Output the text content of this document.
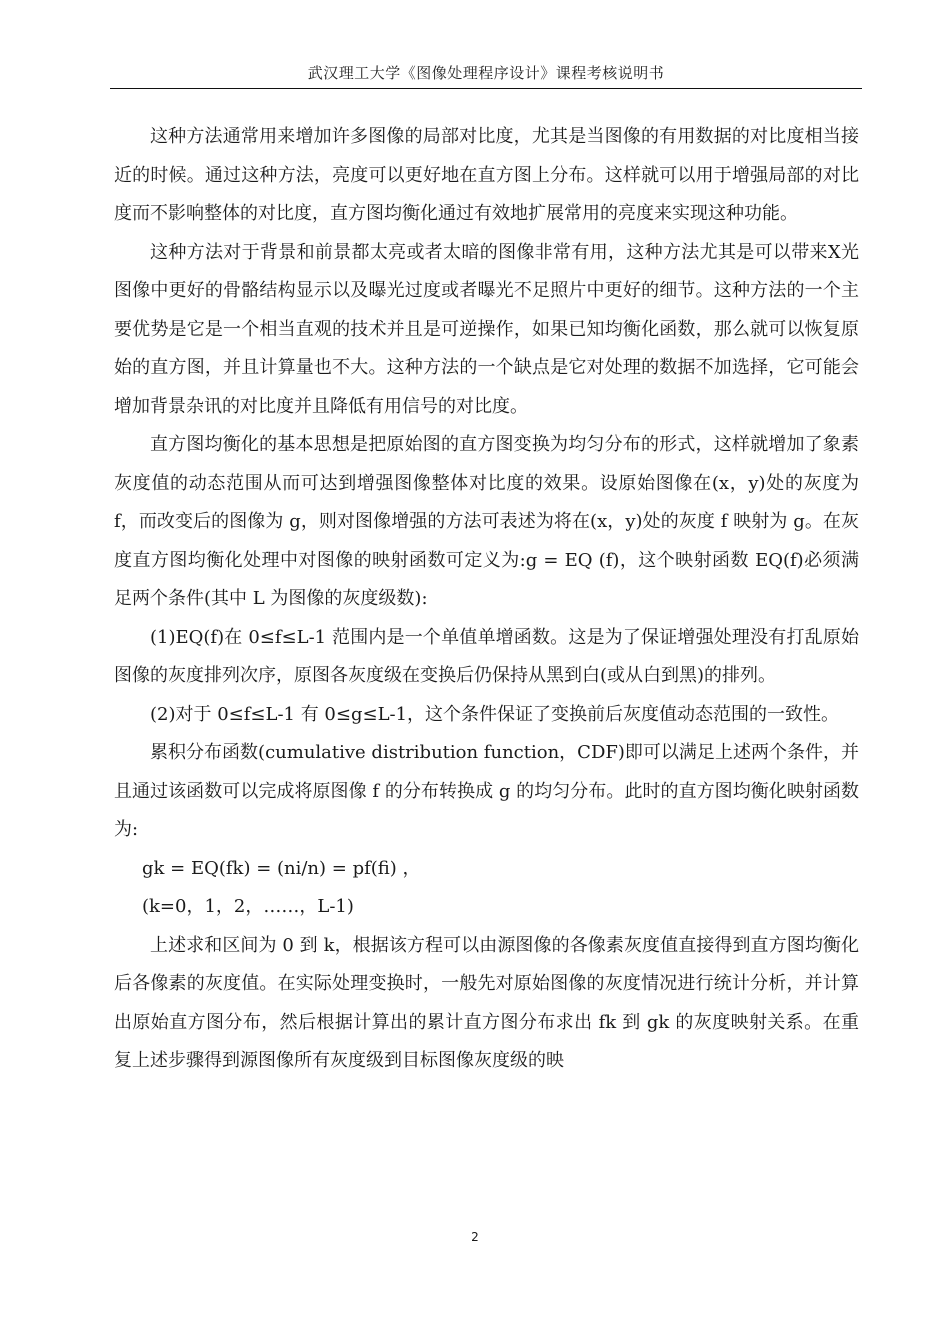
武汉理工大学《图像处理程序设计》课程考核说明书

这种方法通常用来增加许多图像的局部对比度，尤其是当图像的有用数据的对比度相当接近的时候。通过这种方法，亮度可以更好地在直方图上分布。这样就可以用于增强局部的对比度而不影响整体的对比度，直方图均衡化通过有效地扩展常用的亮度来实现这种功能。

这种方法对于背景和前景都太亮或者太暗的图像非常有用，这种方法尤其是可以带来X光图像中更好的骨骼结构显示以及曝光过度或者曝光不足照片中更好的细节。这种方法的一个主要优势是它是一个相当直观的技术并且是可逆操作，如果已知均衡化函数，那么就可以恢复原始的直方图，并且计算量也不大。这种方法的一个缺点是它对处理的数据不加选择，它可能会增加背景杂讯的对比度并且降低有用信号的对比度。

直方图均衡化的基本思想是把原始图的直方图变换为均匀分布的形式，这样就增加了象素灰度值的动态范围从而可达到增强图像整体对比度的效果。设原始图像在(x，y)处的灰度为 f，而改变后的图像为 g，则对图像增强的方法可表述为将在(x，y)处的灰度 f 映射为 g。在灰度直方图均衡化处理中对图像的映射函数可定义为:g = EQ (f)，这个映射函数 EQ(f)必须满足两个条件(其中 L 为图像的灰度级数):

(1)EQ(f)在 0≤f≤L-1 范围内是一个单值单增函数。这是为了保证增强处理没有打乱原始图像的灰度排列次序，原图各灰度级在变换后仍保持从黑到白(或从白到黑)的排列。

(2)对于 0≤f≤L-1 有 0≤g≤L-1，这个条件保证了变换前后灰度值动态范围的一致性。

累积分布函数(cumulative distribution function，CDF)即可以满足上述两个条件，并且通过该函数可以完成将原图像 f 的分布转换成 g 的均匀分布。此时的直方图均衡化映射函数为:

gk = EQ(fk) = (ni/n) = pf(fi) ，

(k=0，1，2，……，L-1)

上述求和区间为 0 到 k，根据该方程可以由源图像的各像素灰度值直接得到直方图均衡化后各像素的灰度值。在实际处理变换时，一般先对原始图像的灰度情况进行统计分析，并计算出原始直方图分布，然后根据计算出的累计直方图分布求出 fk 到 gk 的灰度映射关系。在重复上述步骤得到源图像所有灰度级到目标图像灰度级的映

2
